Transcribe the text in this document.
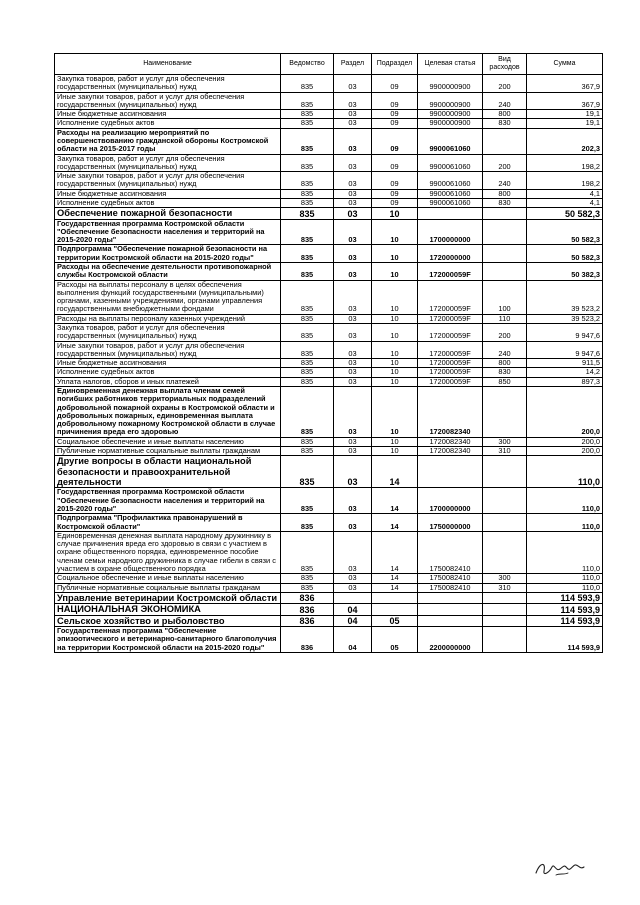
Наименование	Ведомство	Раздел	Подраздел	Целевая статья	Вид расходов	Сумма
Закупка товаров, работ и услуг для обеспечения государственных (муниципальных) нужд	835	03	09	9900000900	200	367,9
Иные закупки товаров, работ и услуг для обеспечения государственных (муниципальных) нужд	835	03	09	9900000900	240	367,9
Иные бюджетные ассигнования	835	03	09	9900000900	800	19,1
Исполнение судебных актов	835	03	09	9900000900	830	19,1
Расходы на реализацию мероприятий по совершенствованию гражданской обороны Костромской области на 2015-2017 годы	835	03	09	9900061060		202,3
Закупка товаров, работ и услуг для обеспечения государственных (муниципальных) нужд	835	03	09	9900061060	200	198,2
Иные закупки товаров, работ и услуг для обеспечения государственных (муниципальных) нужд	835	03	09	9900061060	240	198,2
Иные бюджетные ассигнования	835	03	09	9900061060	800	4,1
Исполнение судебных актов	835	03	09	9900061060	830	4,1
Обеспечение пожарной безопасности	835	03	10			50 582,3
Государственная программа Костромской области "Обеспечение безопасности населения и территорий на 2015-2020 годы"	835	03	10	1700000000		50 582,3
Подпрограмма "Обеспечение пожарной безопасности на территории Костромской области на 2015-2020 годы"	835	03	10	1720000000		50 582,3
Расходы на обеспечение деятельности противопожарной службы Костромской области	835	03	10	172000059F		50 382,3
Расходы на выплаты персоналу в целях обеспечения выполнения функций государственными (муниципальными) органами, казенными учреждениями, органами управления государственными внебюджетными фондами	835	03	10	172000059F	100	39 523,2
Расходы на выплаты персоналу казенных учреждений	835	03	10	172000059F	110	39 523,2
Закупка товаров, работ и услуг для обеспечения государственных (муниципальных) нужд	835	03	10	172000059F	200	9 947,6
Иные закупки товаров, работ и услуг для обеспечения государственных (муниципальных) нужд	835	03	10	172000059F	240	9 947,6
Иные бюджетные ассигнования	835	03	10	172000059F	800	911,5
Исполнение судебных актов	835	03	10	172000059F	830	14,2
Уплата налогов, сборов и иных платежей	835	03	10	172000059F	850	897,3
Единовременная денежная выплата членам семей погибших работников территориальных подразделений добровольной пожарной охраны в Костромской области и добровольных пожарных, единовременная выплата добровольному пожарному Костромской области в случае причинения вреда его здоровью	835	03	10	1720082340		200,0
Социальное обеспечение и иные выплаты населению	835	03	10	1720082340	300	200,0
Публичные нормативные социальные выплаты гражданам	835	03	10	1720082340	310	200,0
Другие вопросы в области национальной безопасности и правоохранительной деятельности	835	03	14			110,0
Государственная программа Костромской области "Обеспечение безопасности населения и территорий на 2015-2020 годы"	835	03	14	1700000000		110,0
Подпрограмма "Профилактика правонарушений в Костромской области"	835	03	14	1750000000		110,0
Единовременная денежная выплата народному дружиннику в случае причинения вреда его здоровью в связи с участием в охране общественного порядка, единовременное пособие членам семьи народного дружинника в случае гибели в связи с участием в охране общественного порядка	835	03	14	1750082410		110,0
Социальное обеспечение и иные выплаты населению	835	03	14	1750082410	300	110,0
Публичные нормативные социальные выплаты гражданам	835	03	14	1750082410	310	110,0
Управление ветеринарии Костромской области	836					114 593,9
НАЦИОНАЛЬНАЯ ЭКОНОМИКА	836	04				114 593,9
Сельское хозяйство и рыболовство	836	04	05			114 593,9
Государственная программа "Обеспечение эпизоотического и ветеринарно-санитарного благополучия на территории Костромской области на 2015-2020 годы"	836	04	05	2200000000		114 593,9
